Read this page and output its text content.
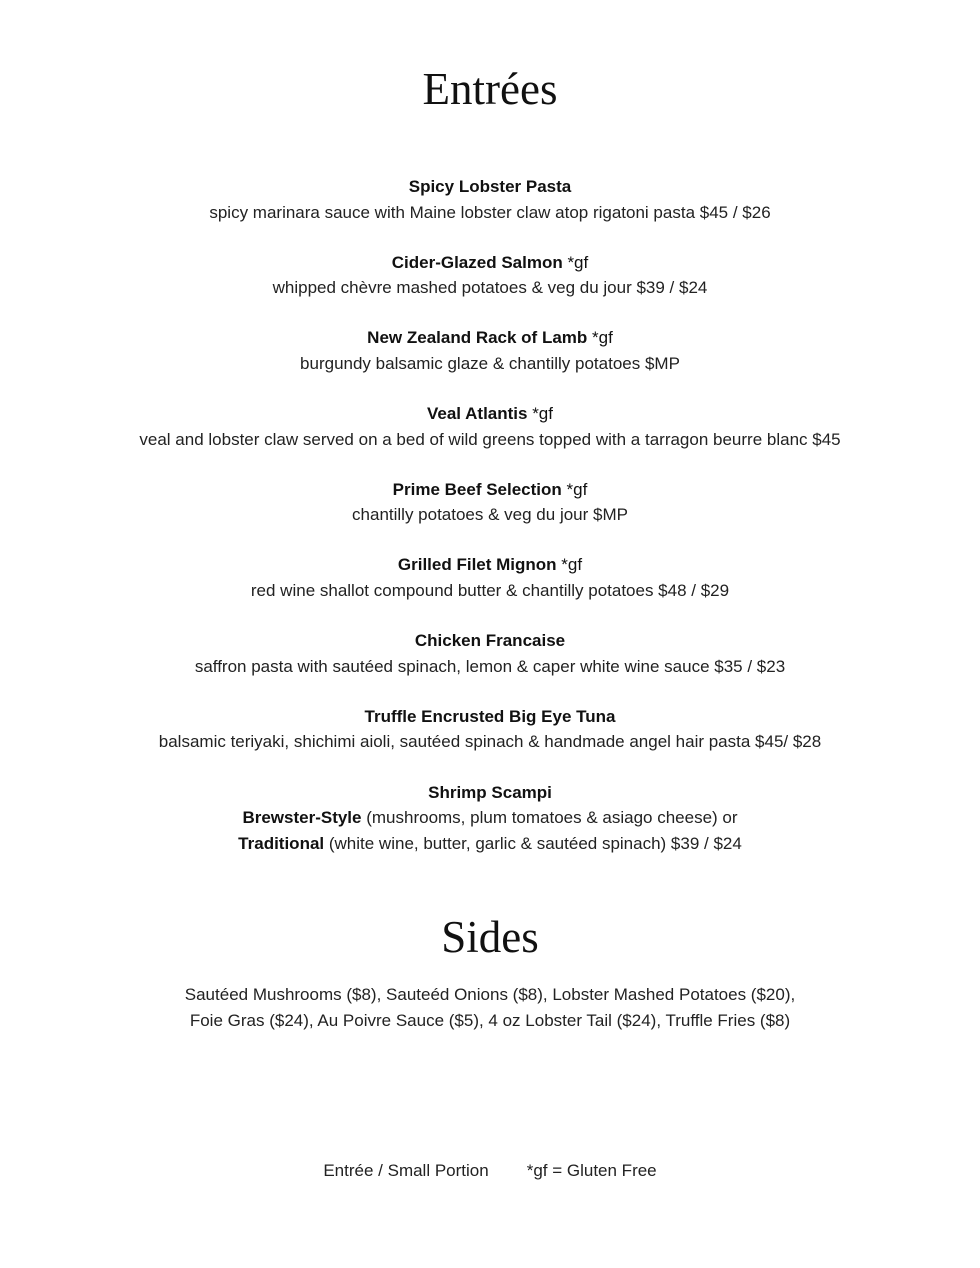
Entrées
Spicy Lobster Pasta
spicy marinara sauce with Maine lobster claw atop rigatoni pasta $45 / $26
Cider-Glazed Salmon *gf
whipped chèvre mashed potatoes & veg du jour $39 / $24
New Zealand Rack of Lamb *gf
burgundy balsamic glaze & chantilly potatoes $MP
Veal Atlantis *gf
veal and lobster claw served on a bed of wild greens topped with a tarragon beurre blanc $45
Prime Beef Selection *gf
chantilly potatoes & veg du jour $MP
Grilled Filet Mignon *gf
red wine shallot compound butter & chantilly potatoes $48 / $29
Chicken Francaise
saffron pasta with sautéed spinach, lemon & caper white wine sauce $35 / $23
Truffle Encrusted Big Eye Tuna
balsamic teriyaki, shichimi aioli, sautéed spinach & handmade angel hair pasta $45/ $28
Shrimp Scampi
Brewster-Style (mushrooms, plum tomatoes & asiago cheese) or
Traditional (white wine, butter, garlic & sautéed spinach) $39 / $24
Sides
Sautéed Mushrooms ($8), Sauteéd Onions ($8), Lobster Mashed Potatoes ($20),
Foie Gras ($24), Au Poivre Sauce ($5), 4 oz Lobster Tail ($24), Truffle Fries ($8)
Entrée / Small Portion *gf = Gluten Free
